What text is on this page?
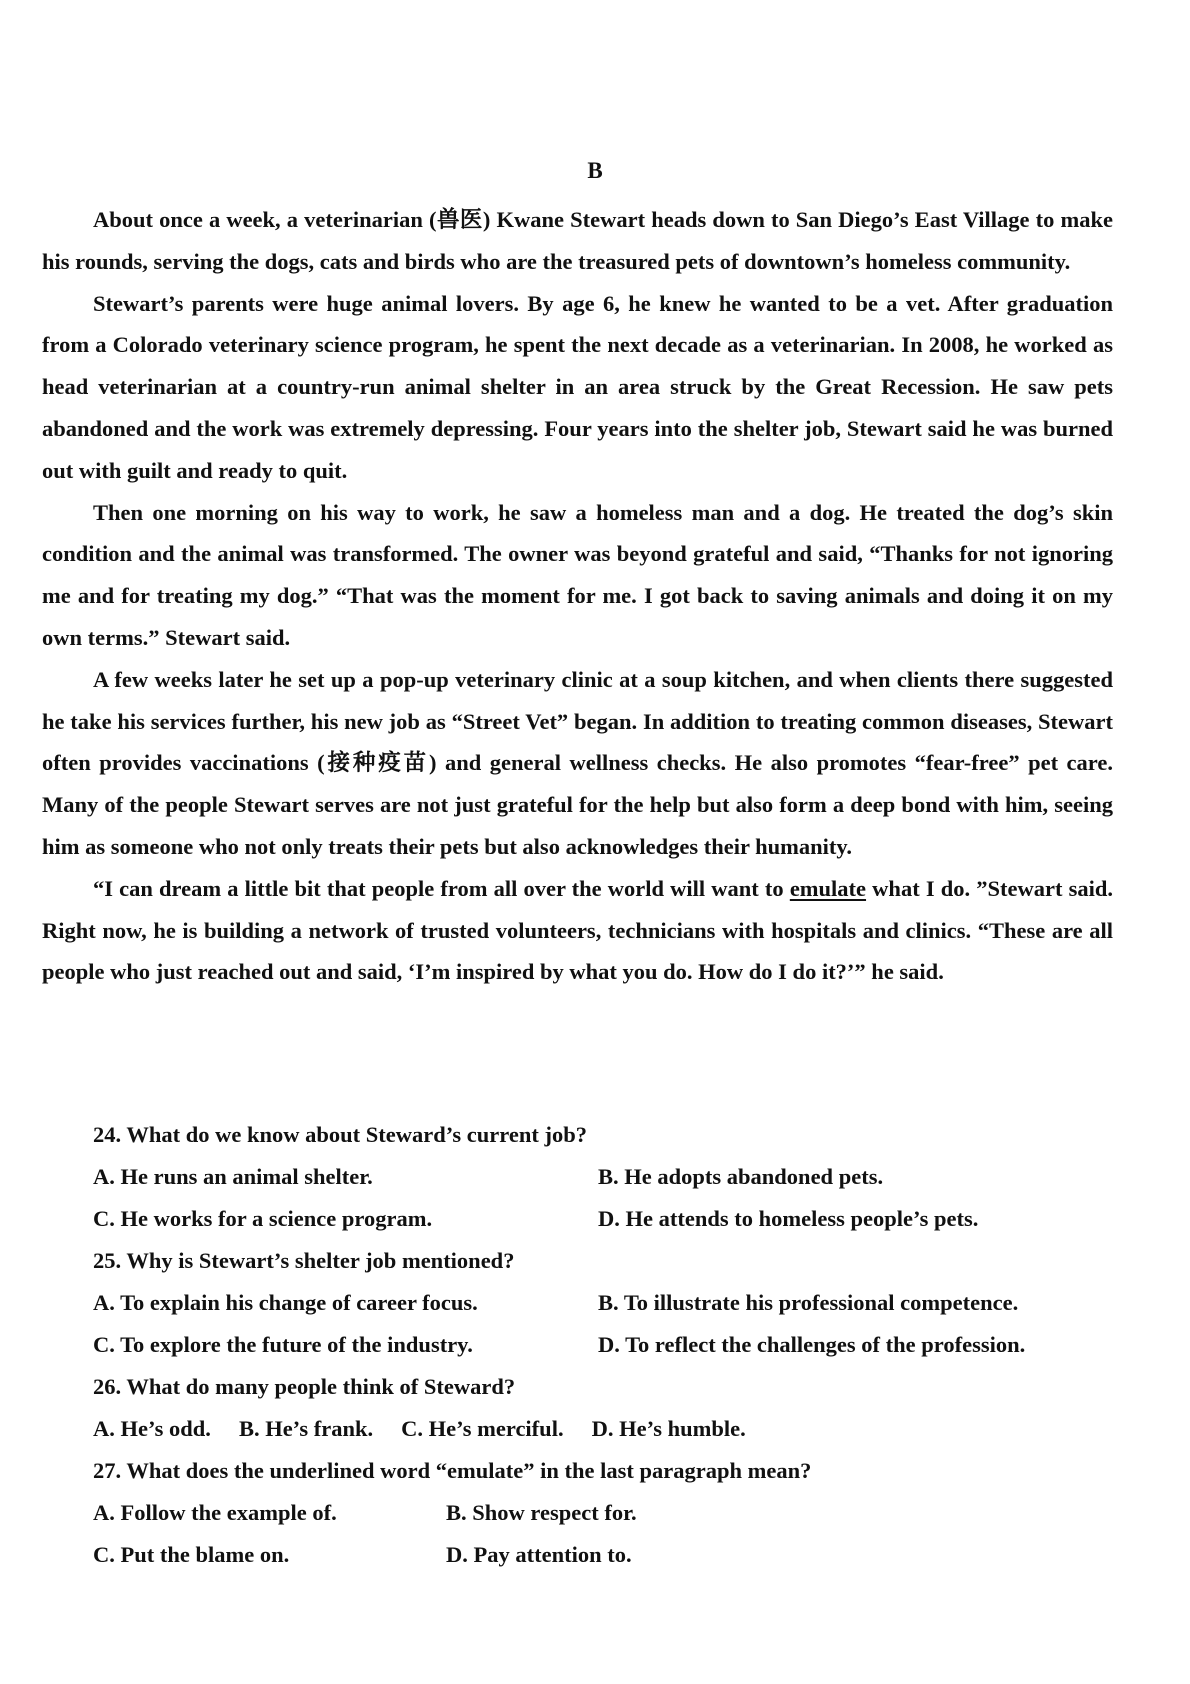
B

About once a week, a veterinarian (兽医) Kwane Stewart heads down to San Diego’s East Village to make his rounds, serving the dogs, cats and birds who are the treasured pets of downtown’s homeless community.

Stewart’s parents were huge animal lovers. By age 6, he knew he wanted to be a vet. After graduation from a Colorado veterinary science program, he spent the next decade as a veterinarian. In 2008, he worked as head veterinarian at a country-run animal shelter in an area struck by the Great Recession. He saw pets abandoned and the work was extremely depressing. Four years into the shelter job, Stewart said he was burned out with guilt and ready to quit.

Then one morning on his way to work, he saw a homeless man and a dog. He treated the dog’s skin condition and the animal was transformed. The owner was beyond grateful and said, “Thanks for not ignoring me and for treating my dog.” “That was the moment for me. I got back to saving animals and doing it on my own terms.” Stewart said.

A few weeks later he set up a pop-up veterinary clinic at a soup kitchen, and when clients there suggested he take his services further, his new job as “Street Vet” began. In addition to treating common diseases, Stewart often provides vaccinations (接种疫苗) and general wellness checks. He also promotes “fear-free” pet care. Many of the people Stewart serves are not just grateful for the help but also form a deep bond with him, seeing him as someone who not only treats their pets but also acknowledges their humanity.

“I can dream a little bit that people from all over the world will want to emulate what I do. ”Stewart said. Right now, he is building a network of trusted volunteers, technicians with hospitals and clinics. “These are all people who just reached out and said, ‘I’m inspired by what you do. How do I do it?’” he said.

24. What do we know about Steward’s current job?

A. He runs an animal shelter.	B. He adopts abandoned pets.
C. He works for a science program.	D. He attends to homeless people’s pets.

25. Why is Stewart’s shelter job mentioned?

A. To explain his change of career focus.	B. To illustrate his professional competence.
C. To explore the future of the industry.	D. To reflect the challenges of the profession.

26. What do many people think of Steward?

A. He’s odd. B. He’s frank. C. He’s merciful. D. He’s humble.

27. What does the underlined word “emulate” in the last paragraph mean?

A. Follow the example of.	B. Show respect for.
C. Put the blame on.	D. Pay attention to.
